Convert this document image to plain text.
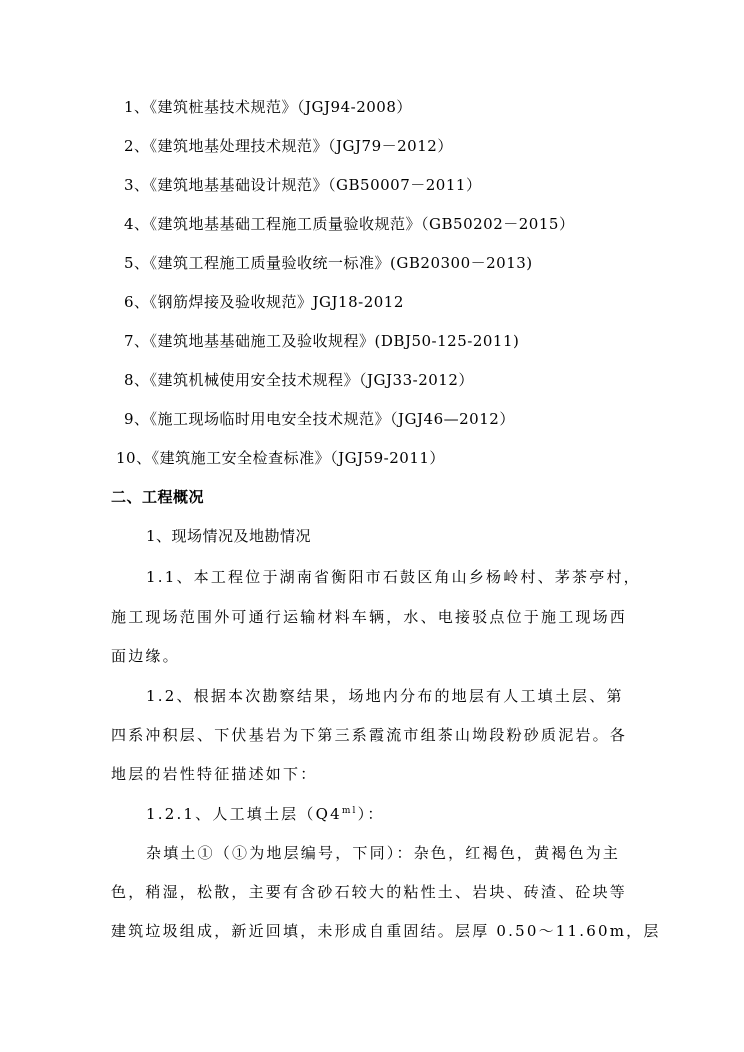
1、《建筑桩基技术规范》（JGJ94-2008）
2、《建筑地基处理技术规范》（JGJ79－2012）
3、《建筑地基基础设计规范》（GB50007－2011）
4、《建筑地基基础工程施工质量验收规范》（GB50202－2015）
5、《建筑工程施工质量验收统一标准》(GB20300－2013)
6、《钢筋焊接及验收规范》JGJ18-2012
7、《建筑地基基础施工及验收规程》(DBJ50-125-2011)
8、《建筑机械使用安全技术规程》（JGJ33-2012）
9、《施工现场临时用电安全技术规范》（JGJ46—2012）
10、《建筑施工安全检查标准》（JGJ59-2011）
二、工程概况
1、现场情况及地勘情况
1.1、本工程位于湖南省衡阳市石鼓区角山乡杨岭村、茅茶亭村，
施工现场范围外可通行运输材料车辆，水、电接驳点位于施工现场西
面边缘。
1.2、根据本次勘察结果，场地内分布的地层有人工填土层、第
四系冲积层、下伏基岩为下第三系霞流市组茶山坳段粉砂质泥岩。各
地层的岩性特征描述如下：
1.2.1、人工填土层$(Q4^{ml})$：
杂填土①（①为地层编号，下同）：杂色，红褐色，黄褐色为主
色，稍湿，松散，主要有含砂石较大的粘性土、岩块、砖渣、砼块等
建筑垃圾组成，新近回填，未形成自重固结。层厚 0.50～11.60m，层
